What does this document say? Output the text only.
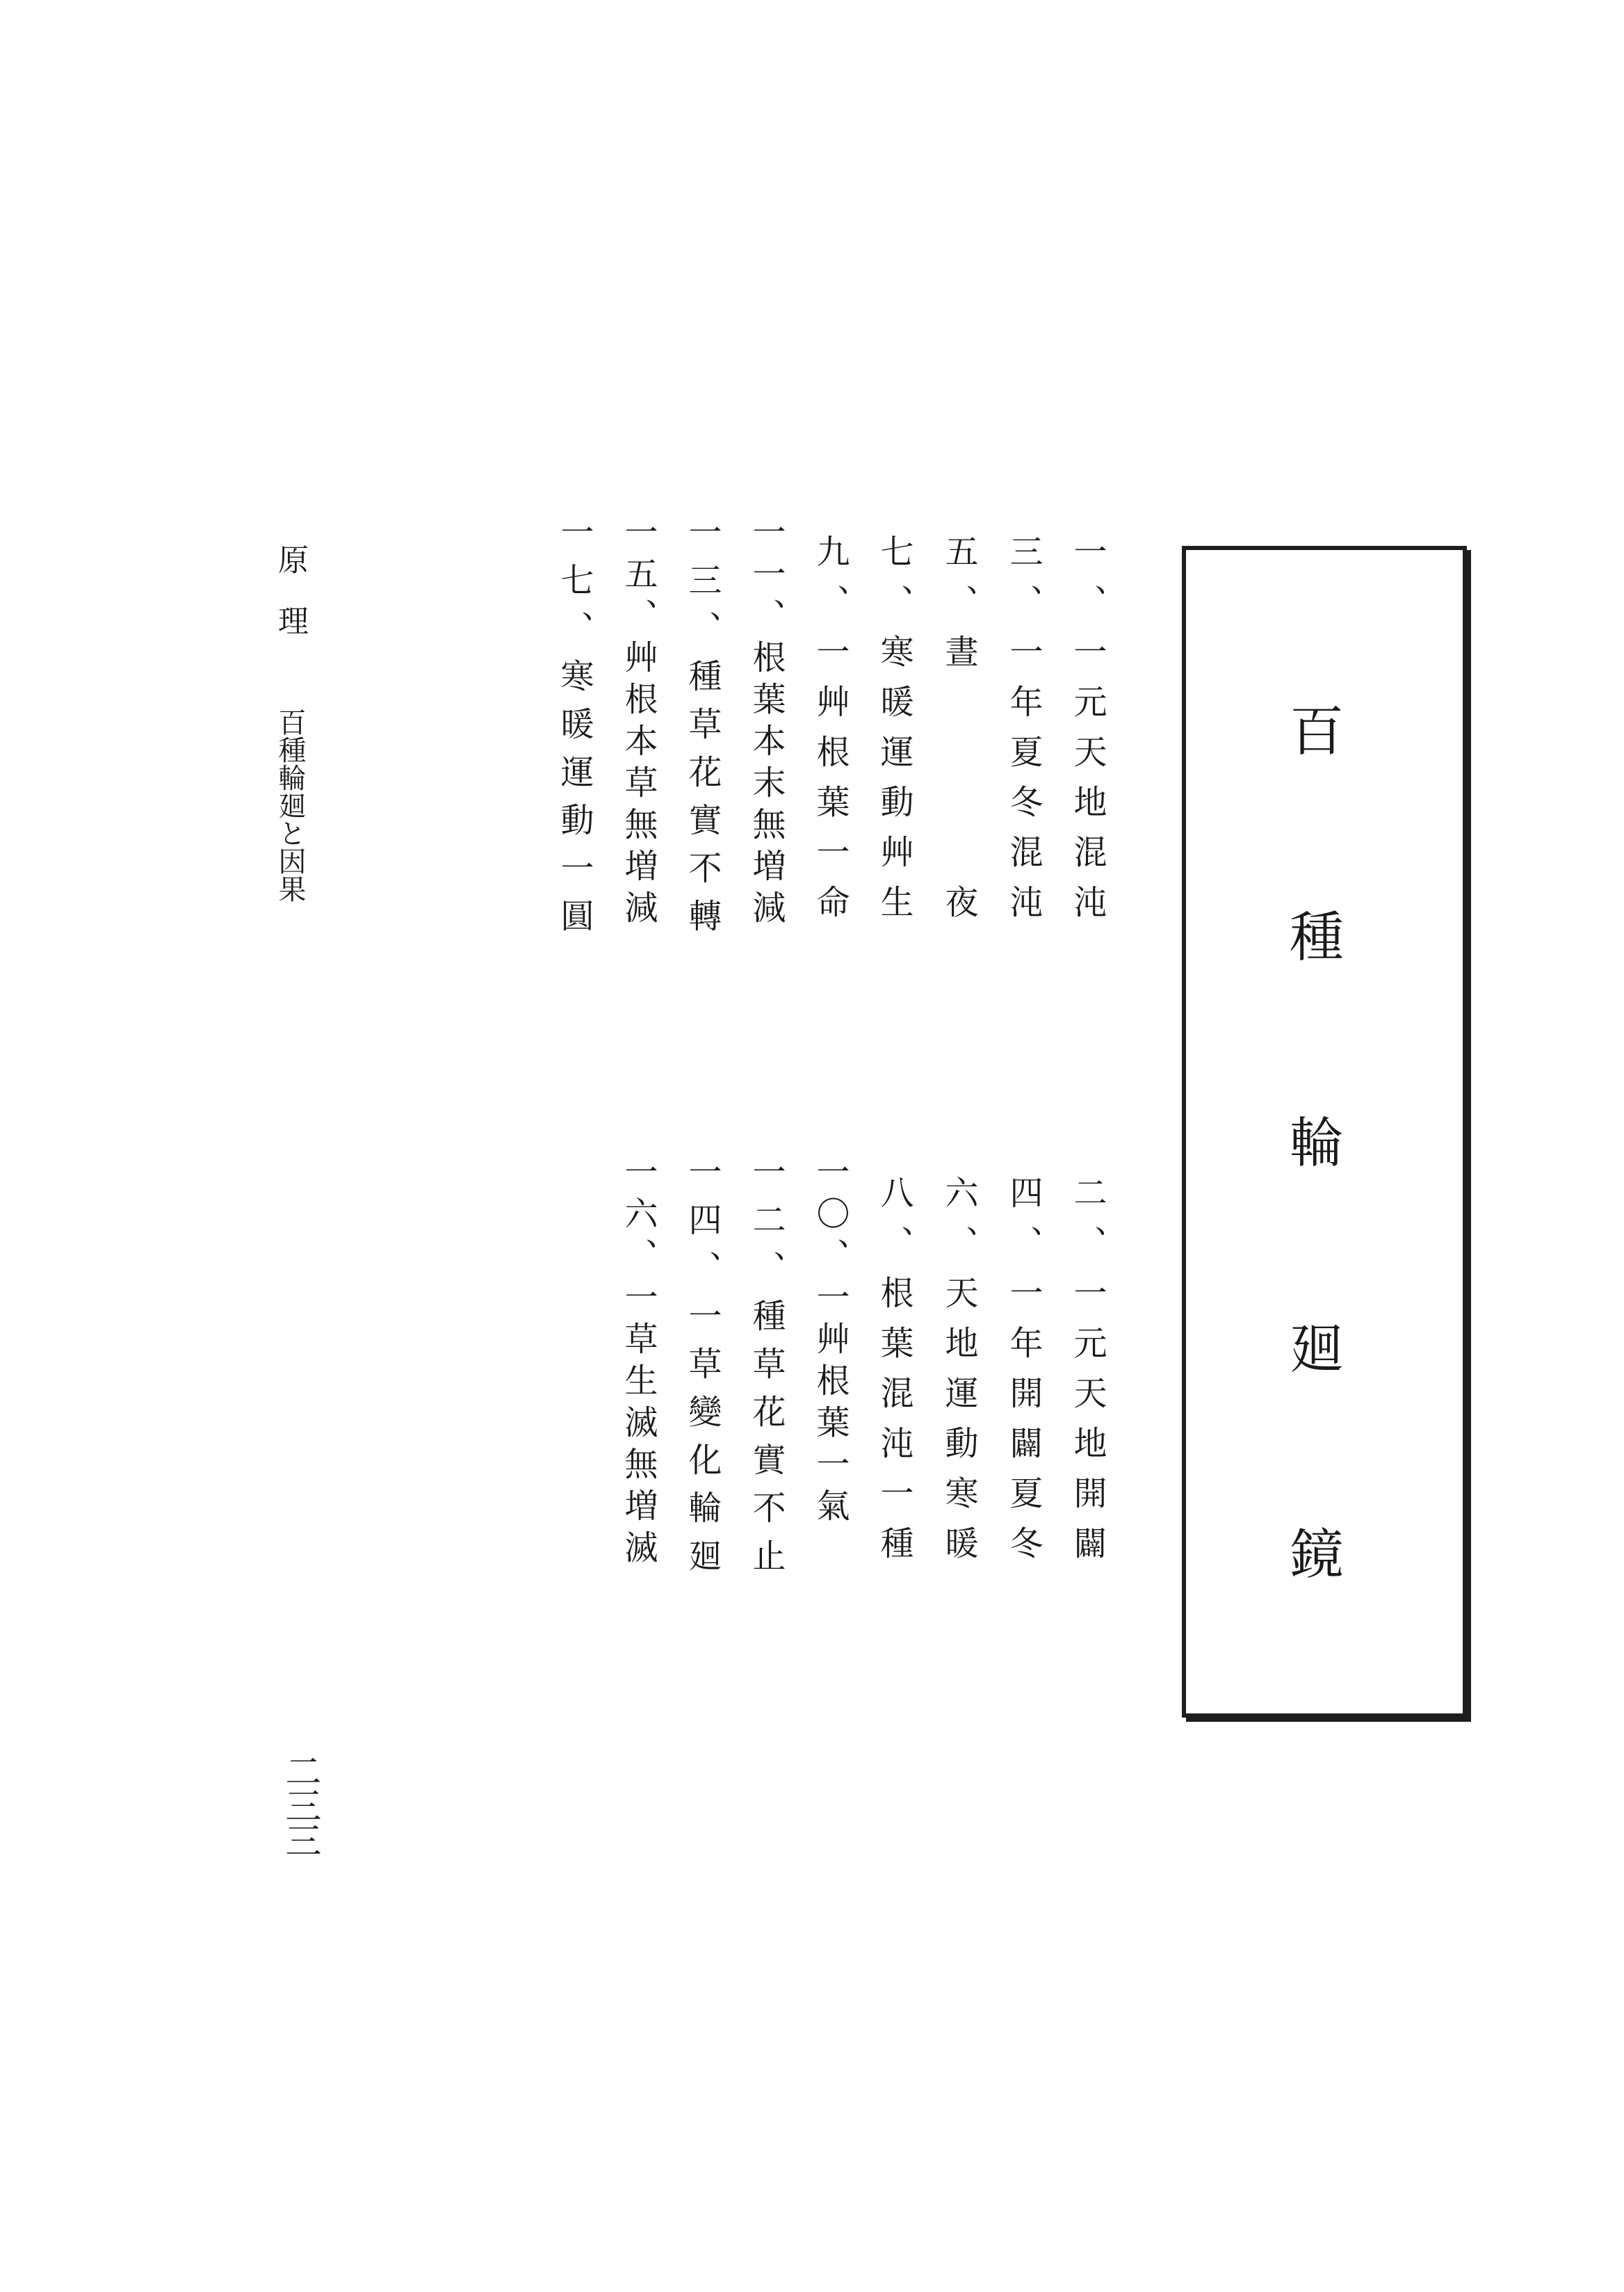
百種輪廻鏡
一、一元天地混沌
三、一年夏冬混沌
五、晝　　　　夜
七、寒暖運動艸生
九、一艸根葉一命
一一、根葉本末無増減
一三、種草花實不轉
一五、艸根本草無増減
一七、寒暖運動一圓
二、一元天地開闢
四、一年開闢夏冬
六、天地運動寒暖
八、根葉混沌一種
一〇、一艸根葉一氣
一二、種草花實不止
一四、一草變化輪廻
一六、一草生滅無増滅
原　理百種輪廻と因果
二三三
